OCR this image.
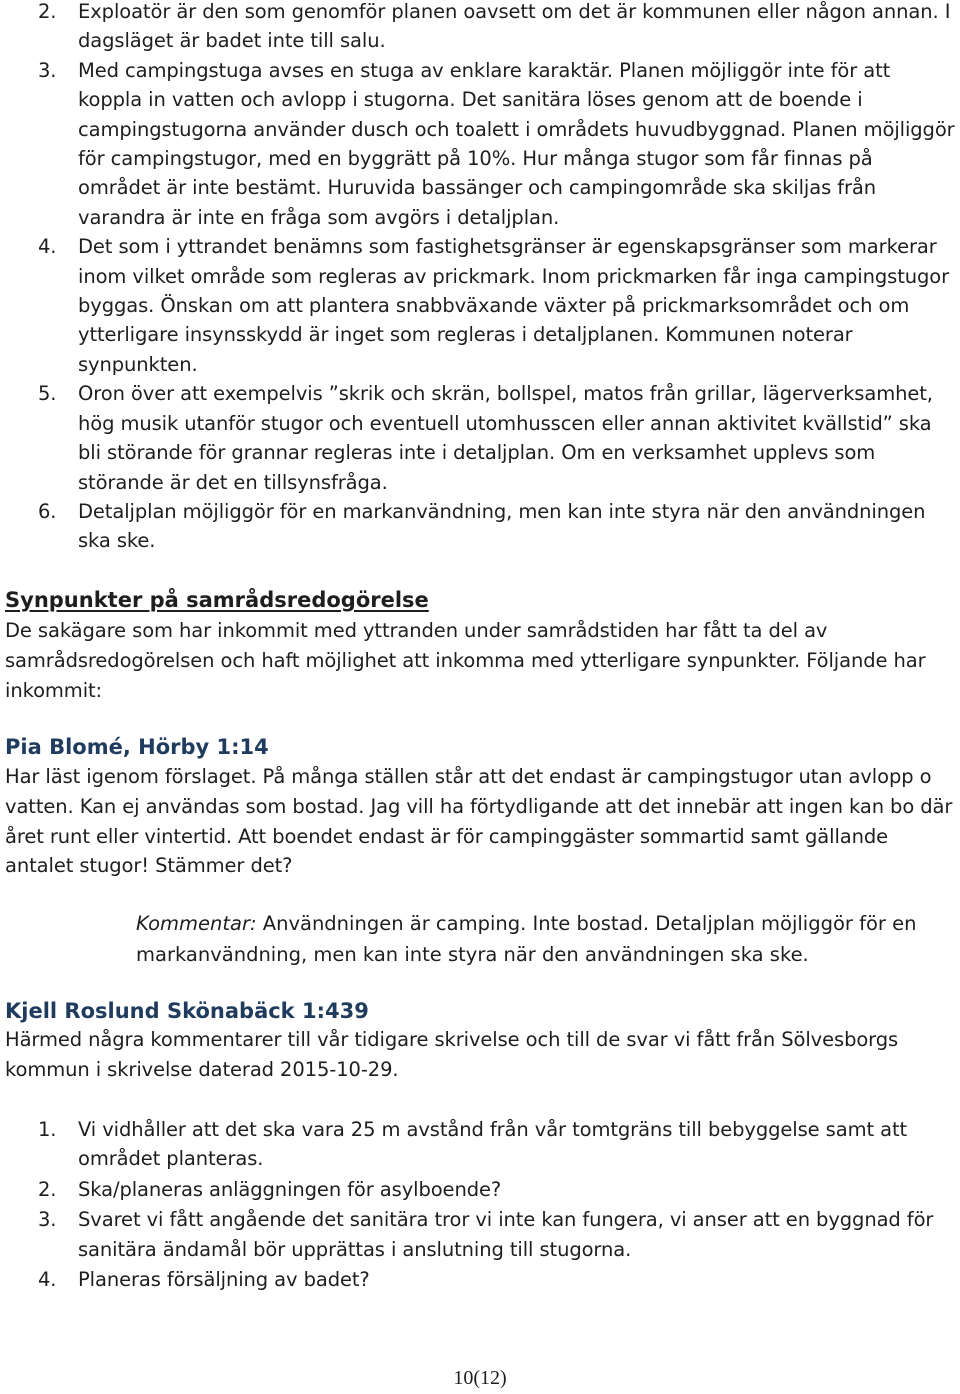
2.	Exploatör är den som genomför planen oavsett om det är kommunen eller någon annan. I dagsläget är badet inte till salu.
3.	Med campingstuga avses en stuga av enklare karaktär. Planen möjliggör inte för att koppla in vatten och avlopp i stugorna. Det sanitära löses genom att de boende i campingstugorna använder dusch och toalett i områdets huvudbyggnad. Planen möjliggör för campingstugor, med en byggrätt på 10%. Hur många stugor som får finnas på området är inte bestämt. Huruvida bassänger och campingområde ska skiljas från varandra är inte en fråga som avgörs i detaljplan.
4.	Det som i yttrandet benämns som fastighetsgränser är egenskapsgränser som markerar inom vilket område som regleras av prickmark. Inom prickmarken får inga campingstugor byggas. Önskan om att plantera snabbväxande växter på prickmarksområdet och om ytterligare insynsskydd är inget som regleras i detaljplanen. Kommunen noterar synpunkten.
5.	Oron över att exempelvis ”skrik och skrän, bollspel, matos från grillar, lägerverksamhet, hög musik utanför stugor och eventuell utomhusscen eller annan aktivitet kvällstid” ska bli störande för grannar regleras inte i detaljplan. Om en verksamhet upplevs som störande är det en tillsynsfråga.
6.	Detaljplan möjliggör för en markanvändning, men kan inte styra när den användningen ska ske.
Synpunkter på samrådsredogörelse

De sakägare som har inkommit med yttranden under samrådstiden har fått ta del av samrådsredogörelsen och haft möjlighet att inkomma med ytterligare synpunkter. Följande har inkommit:

Pia Blomé, Hörby 1:14

Har läst igenom förslaget. På många ställen står att det endast är campingstugor utan avlopp o vatten. Kan ej användas som bostad. Jag vill ha förtydligande att det innebär att ingen kan bo där året runt eller vintertid. Att boendet endast är för campinggäster sommartid samt gällande antalet stugor! Stämmer det?

Kommentar: Användningen är camping. Inte bostad. Detaljplan möjliggör för en markanvändning, men kan inte styra när den användningen ska ske.

Kjell Roslund Skönabäck 1:439

Härmed några kommentarer till vår tidigare skrivelse och till de svar vi fått från Sölvesborgs kommun i skrivelse daterad 2015-10-29.

1.	Vi vidhåller att det ska vara 25 m avstånd från vår tomtgräns till bebyggelse samt att området planteras.
2.	Ska/planeras anläggningen för asylboende?
3.	Svaret vi fått angående det sanitära tror vi inte kan fungera, vi anser att en byggnad för sanitära ändamål bör upprättas i anslutning till stugorna.
4.	Planeras försäljning av badet?
10(12)
